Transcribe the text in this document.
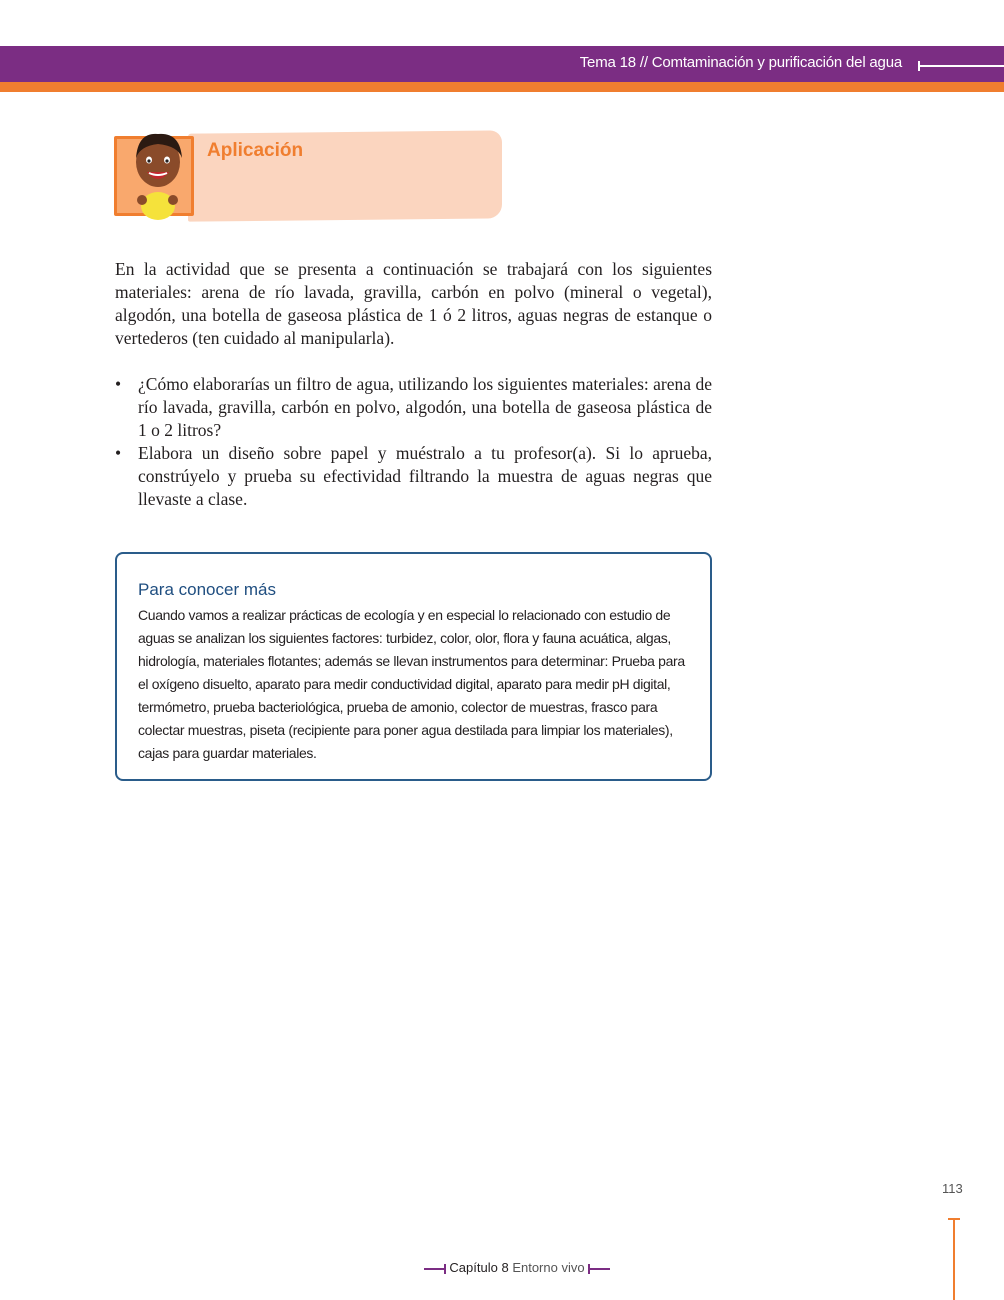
Tema 18 // Comtaminación y purificación del agua
Aplicación

En la actividad que se presenta a continuación se trabajará con los siguientes materiales: arena de río lavada, gravilla, carbón en polvo (mineral o vegetal), algodón, una botella de gaseosa plástica de 1 ó 2 litros, aguas negras de estanque o vertederos (ten cuidado al manipularla).

• ¿Cómo elaborarías un filtro de agua, utilizando los siguientes materiales: arena de río lavada, gravilla, carbón en polvo, algodón, una botella de gaseosa plástica de 1 o 2 litros?
• Elabora un diseño sobre papel y muéstralo a tu profesor(a). Si lo aprueba, constrúyelo y prueba su efectividad filtrando la muestra de aguas negras que llevaste a clase.
Para conocer más

Cuando vamos a realizar prácticas de ecología y en especial lo relacionado con estudio de aguas se analizan los siguientes factores: turbidez, color, olor, flora y fauna acuática, algas, hidrología, materiales flotantes; además se llevan instrumentos para determinar: Prueba para el oxígeno disuelto, aparato para medir conductividad digital, aparato para medir pH digital, termómetro, prueba bacteriológica, prueba de amonio, colector de muestras, frasco para colectar muestras, piseta (recipiente para poner agua destilada para limpiar los materiales), cajas para guardar materiales.

113
Capítulo 8 Entorno vivo
